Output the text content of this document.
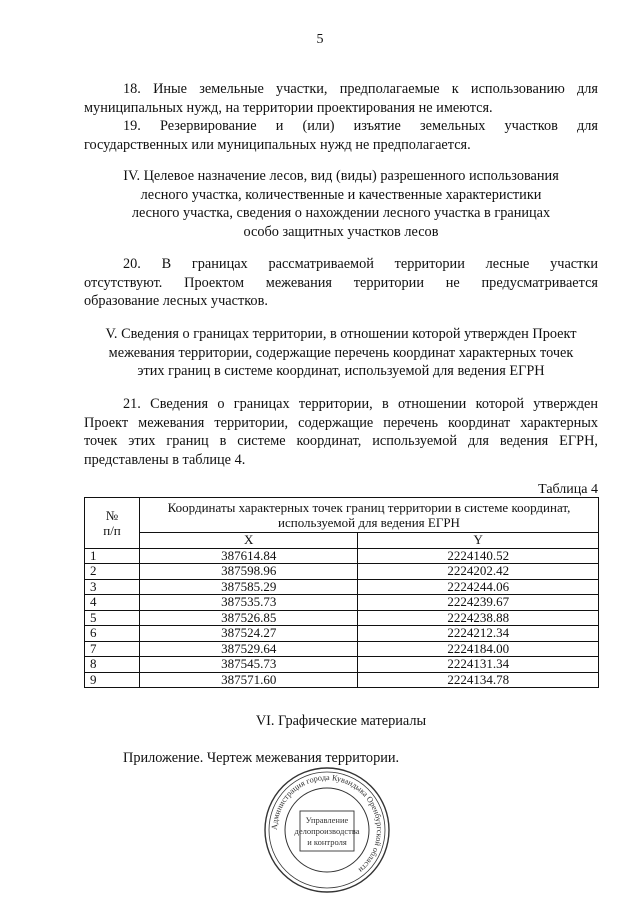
5
18. Иные земельные участки, предполагаемые к использованию для
муниципальных нужд, на территории проектирования не имеются.
19. Резервирование и (или) изъятие земельных участков для
государственных или муниципальных нужд не предполагается.
IV. Целевое назначение лесов, вид (виды) разрешенного использования
лесного участка, количественные и качественные характеристики
лесного участка, сведения о нахождении лесного участка в границах
особо защитных участков лесов
20. В границах рассматриваемой территории лесные участки
отсутствуют. Проектом межевания территории не предусматривается
образование лесных участков.
V. Сведения о границах территории, в отношении которой утвержден Проект
межевания территории, содержащие перечень координат характерных точек
этих границ в системе координат, используемой для ведения ЕГРН
21. Сведения о границах территории, в отношении которой утвержден
Проект межевания территории, содержащие перечень координат характерных
точек этих границ в системе координат, используемой для ведения ЕГРН,
представлены в таблице 4.
Таблица 4
№
п/п	Координаты характерных точек границ территории в системе координат,
используемой для ведения ЕГРН	

	X	Y
1	387614.84	2224140.52
2	387598.96	2224202.42
3	387585.29	2224244.06
4	387535.73	2224239.67
5	387526.85	2224238.88
6	387524.27	2224212.34
7	387529.64	2224184.00
8	387545.73	2224131.34
9	387571.60	2224134.78
VI. Графические материалы
Приложение. Чертеж межевания территории.
Администрация города Кувандыка Оренбургской области
Управление
делопроизводства
и контроля
